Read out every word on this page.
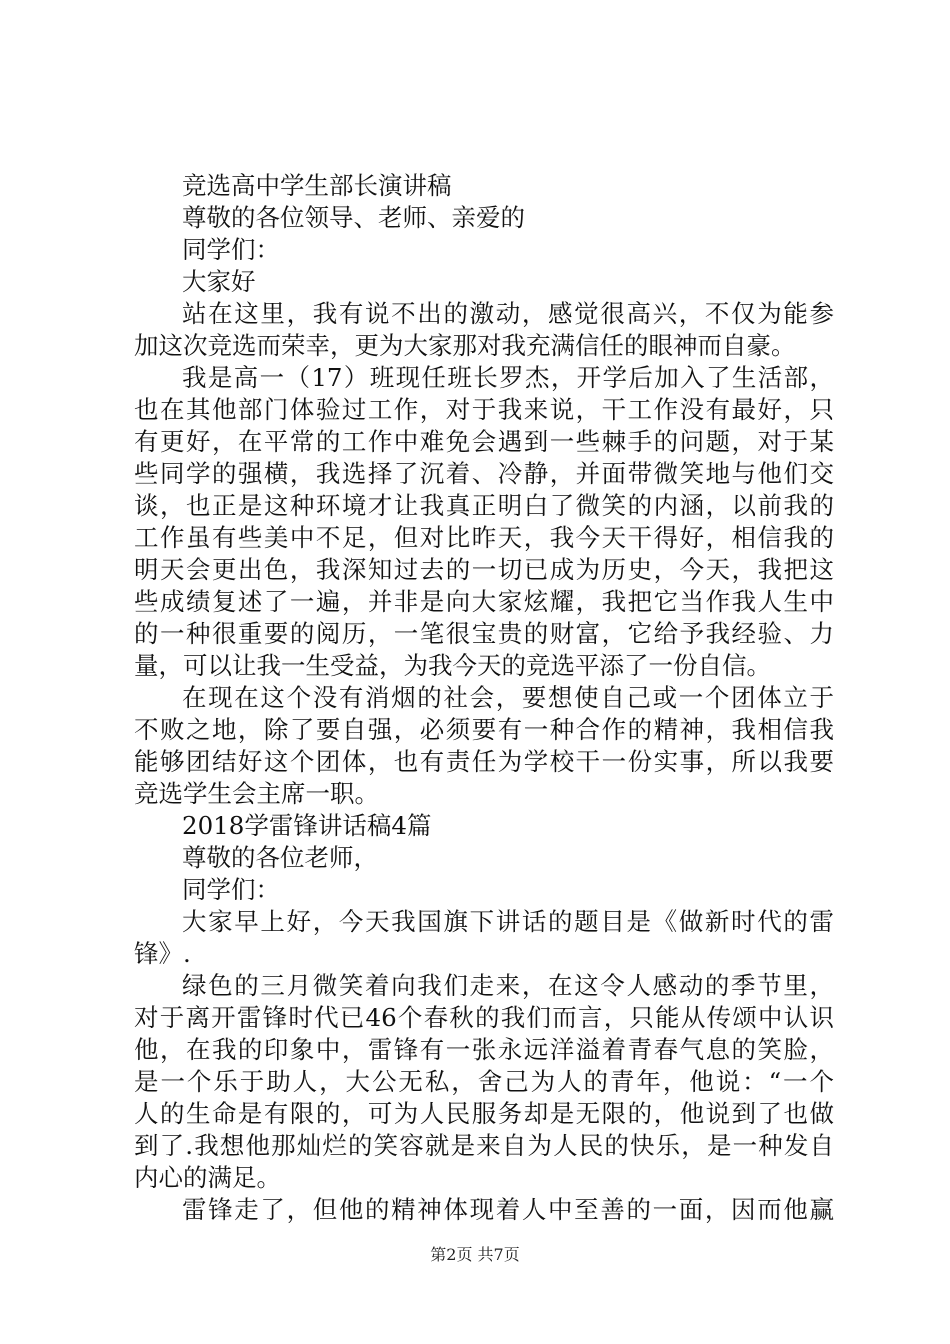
竞选高中学生部长演讲稿
尊敬的各位领导、老师、亲爱的
同学们：
大家好
站在这里，我有说不出的激动，感觉很高兴，不仅为能参
加这次竞选而荣幸，更为大家那对我充满信任的眼神而自豪。
我是高一（17）班现任班长罗杰，开学后加入了生活部，
也在其他部门体验过工作，对于我来说，干工作没有最好，只
有更好，在平常的工作中难免会遇到一些棘手的问题，对于某
些同学的强横，我选择了沉着、冷静，并面带微笑地与他们交
谈，也正是这种环境才让我真正明白了微笑的内涵，以前我的
工作虽有些美中不足，但对比昨天，我今天干得好，相信我的
明天会更出色，我深知过去的一切已成为历史，今天，我把这
些成绩复述了一遍，并非是向大家炫耀，我把它当作我人生中
的一种很重要的阅历，一笔很宝贵的财富，它给予我经验、力
量，可以让我一生受益，为我今天的竞选平添了一份自信。
在现在这个没有消烟的社会，要想使自己或一个团体立于
不败之地，除了要自强，必须要有一种合作的精神，我相信我
能够团结好这个团体，也有责任为学校干一份实事，所以我要
竞选学生会主席一职。
2018学雷锋讲话稿4篇
尊敬的各位老师，
同学们：
大家早上好，今天我国旗下讲话的题目是《做新时代的雷
锋》.
绿色的三月微笑着向我们走来，在这令人感动的季节里，
对于离开雷锋时代已46个春秋的我们而言，只能从传颂中认识
他，在我的印象中，雷锋有一张永远洋溢着青春气息的笑脸，
是一个乐于助人，大公无私，舍己为人的青年，他说：“一个
人的生命是有限的，可为人民服务却是无限的，他说到了也做
到了.我想他那灿烂的笑容就是来自为人民的快乐，是一种发自
内心的满足。
雷锋走了，但他的精神体现着人中至善的一面，因而他赢
第2页 共7页
